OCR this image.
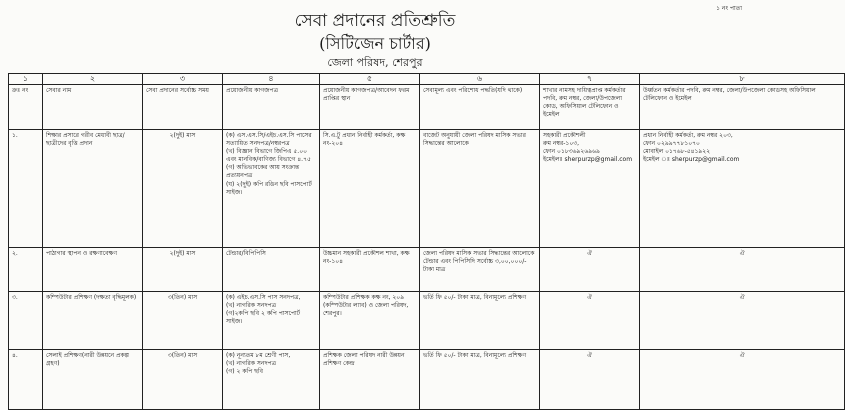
১ নং পাতা
সেবা প্রদানের প্রতিশ্রুতি
(সিটিজেন চার্টার)
জেলা পরিষদ, শেরপুর
১	২	৩	৪	৫	৬	৭	৮
ক্রঃ নং	সেবার নাম	সেবা প্রদানের সর্বোচ্চ সময়	প্রয়োজনীয় কাগজপত্র	প্রয়োজনীয় কাগজপত্র/আবেদন ফরম প্রাপ্তির স্থান	সেবামূল্য এবং পরিশোধ পদ্ধতি(যদি থাকে)	শাখার নামসহ দায়িত্বপ্রাপ্ত কর্মকর্তার পদবি, রুম নম্বর, জেলা/উপজেলা কোড, অফিসিয়াল টেলিফোন ও ইমেইল	উর্ধ্বতন কর্মকর্তার পদবি, রুম নম্বর, জেলা/উপজেলা কোডসহ অফিসিয়াল টেলিফোন ও ইমেইল
১.	শিক্ষার প্রসারে গরীব মেধাবী ছাত্র/ছাত্রীদের বৃত্তি প্রদান	২(দুই) মাস	(ক) এস.এস.সি/এইচ.এস.সি পাসের সত্যায়িত সনদপত্র/নম্বরপত্র
(খ) বিজ্ঞান বিভাগে জিপিএ ৫.০০ এবং মানবিক/বাণিজ্য বিভাগে ৪.৭৫
(গ) অভিভাবকের আয় সংক্রান্ত প্রত্যয়নপত্র
(ঘ) ২(দুই) কপি রঙিন ছবি পাসপোর্ট সাইজ।	সি.এ.টু প্রধান নির্বাহী কর্মকর্তা, কক্ষ নং-২০৪	বাজেট অনুযায়ী জেলা পরিষদ মাসিক সভার সিদ্ধান্তের আলোকে	সহকারী প্রকৌশলী
রুম নম্বর-১০৩,
ফোন ০১৮৩৬৯২৬৯৬৯
ইমেইলঃ sherpurzp@gmail.com	প্রধান নির্বাহী কর্মকর্তা, রুম নম্বর ২০৩,
ফোন ০২৯৯৭৭৮১০৭০
মোবাইল ০১৭৬৮-৫৪১৯২২
ইমেইল ঃ sherpurzp@gmail.com

২.	পাঠাগার স্থাপন ও রক্ষণাবেক্ষণ	২(দুই) মাস	টেন্ডার/বিপিপিসি	উচ্চমান সহকারী প্রকৌশল শাখা, কক্ষ নং-১০৪	জেলা পরিষদ মাসিক সভার সিদ্ধান্তের আলোকে টেন্ডার এবং পিপিসিদি সর্বোচ্চ ৩,০০,০০০/- টাকা মাত্র	ঐ	ঐ
৩.	কম্পিউটার প্রশিক্ষণ (দক্ষতা বৃদ্ধিমূলক)	৩(তিন) মাস	(ক) এইচ.এস.সি পাস সনদপত্র,
(খ) নাগরিক সনদপত্র
(গ)২কপি ছবি ২ কপি পাসপোর্ট সাইজ।	কম্পিউটার প্রশিক্ষক কক্ষ নং, ২০৯ (কম্পিউটার ল্যাব) ও জেলা পরিষদ, শেরপুর।	ভর্তি ফি ৫০/- টাকা মাত্র, বিনামূল্যে প্রশিক্ষণ	ঐ	ঐ
৪.	সেলাই প্রশিক্ষণ(নারী উন্নয়নে প্রকল্প গ্রহণ)	৩(তিন) মাস	(ক) নূন্যতম ৮ম শ্রেণী পাস,
(খ) নাগরিক সনদপত্র
(গ) ২ কপি ছবি	প্রশিক্ষক জেলা পরিষদ নারী উন্নয়ন প্রশিক্ষণ কেন্দ্র	ভর্তি ফি ৫০/- টাকা মাত্র, বিনামূল্যে প্রশিক্ষণ	ঐ	ঐ
